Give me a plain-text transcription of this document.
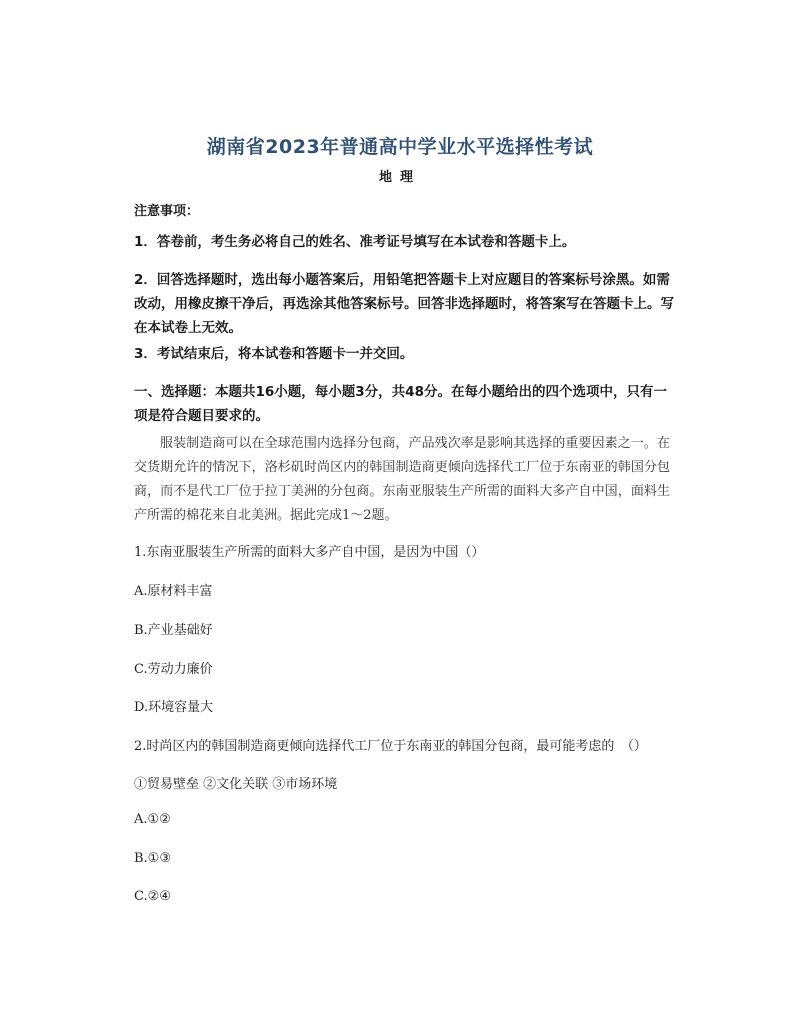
湖南省2023年普通高中学业水平选择性考试
地理
注意事项：
1．答卷前，考生务必将自己的姓名、准考证号填写在本试卷和答题卡上。
2．回答选择题时，选出每小题答案后，用铅笔把答题卡上对应题目的答案标号涂黑。如需改动，用橡皮擦干净后，再选涂其他答案标号。回答非选择题时，将答案写在答题卡上。写在本试卷上无效。
3．考试结束后，将本试卷和答题卡一并交回。
一、选择题：本题共16小题，每小题3分，共48分。在每小题给出的四个选项中，只有一项是符合题目要求的。
服装制造商可以在全球范围内选择分包商，产品残次率是影响其选择的重要因素之一。在交货期允许的情况下，洛杉矶时尚区内的韩国制造商更倾向选择代工厂位于东南亚的韩国分包商，而不是代工厂位于拉丁美洲的分包商。东南亚服装生产所需的面料大多产自中国，面料生产所需的棉花来自北美洲。据此完成1～2题。
1.东南亚服装生产所需的面料大多产自中国，是因为中国（）
A.原材料丰富
B.产业基础好
C.劳动力廉价
D.环境容量大
2.时尚区内的韩国制造商更倾向选择代工厂位于东南亚的韩国分包商，最可能考虑的　（）
①贸易壁垒 ②文化关联 ③市场环境
A.①②
B.①③
C.②④
